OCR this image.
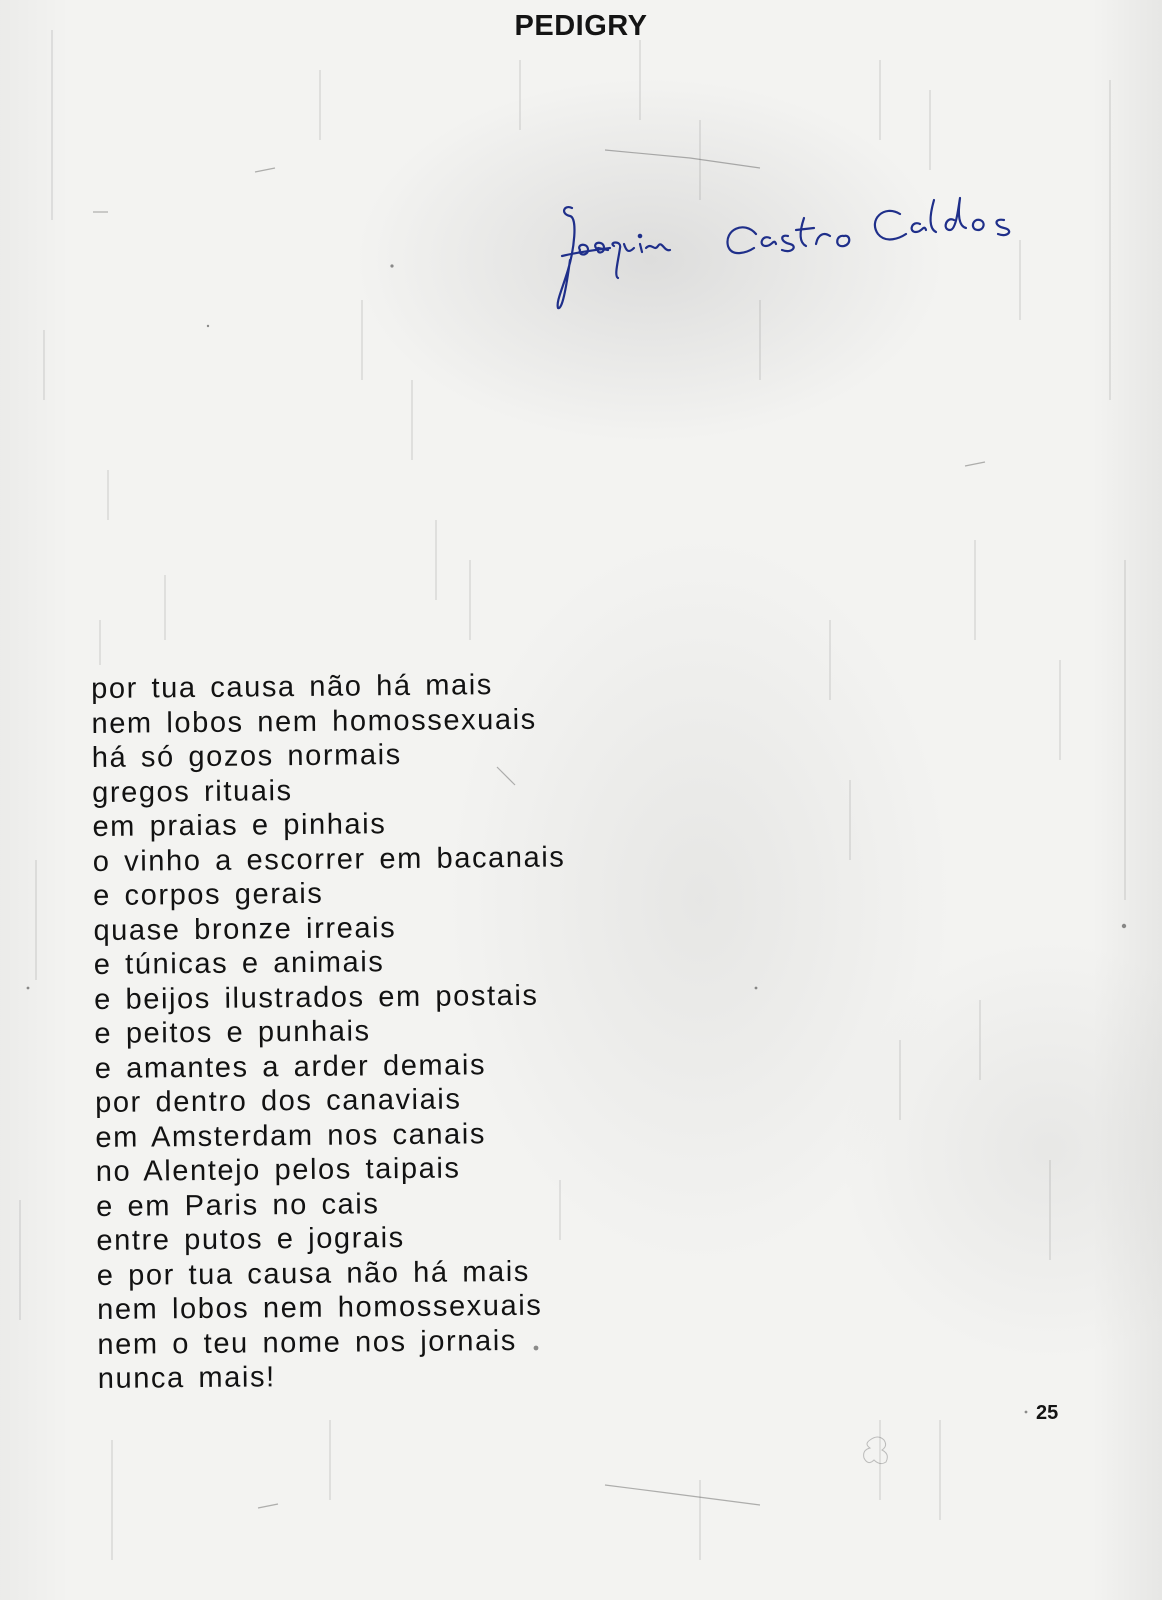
PEDIGRY
por tua causa não há mais
nem lobos nem homossexuais
há só gozos normais
gregos rituais
em praias e pinhais
o vinho a escorrer em bacanais
e corpos gerais
quase bronze irreais
e túnicas e animais
e beijos ilustrados em postais
e peitos e punhais
e amantes a arder demais
por dentro dos canaviais
em Amsterdam nos canais
no Alentejo pelos taipais
e em Paris no cais
entre putos e jograis
e por tua causa não há mais
nem lobos nem homossexuais
nem o teu nome nos jornais
nunca mais!
25
